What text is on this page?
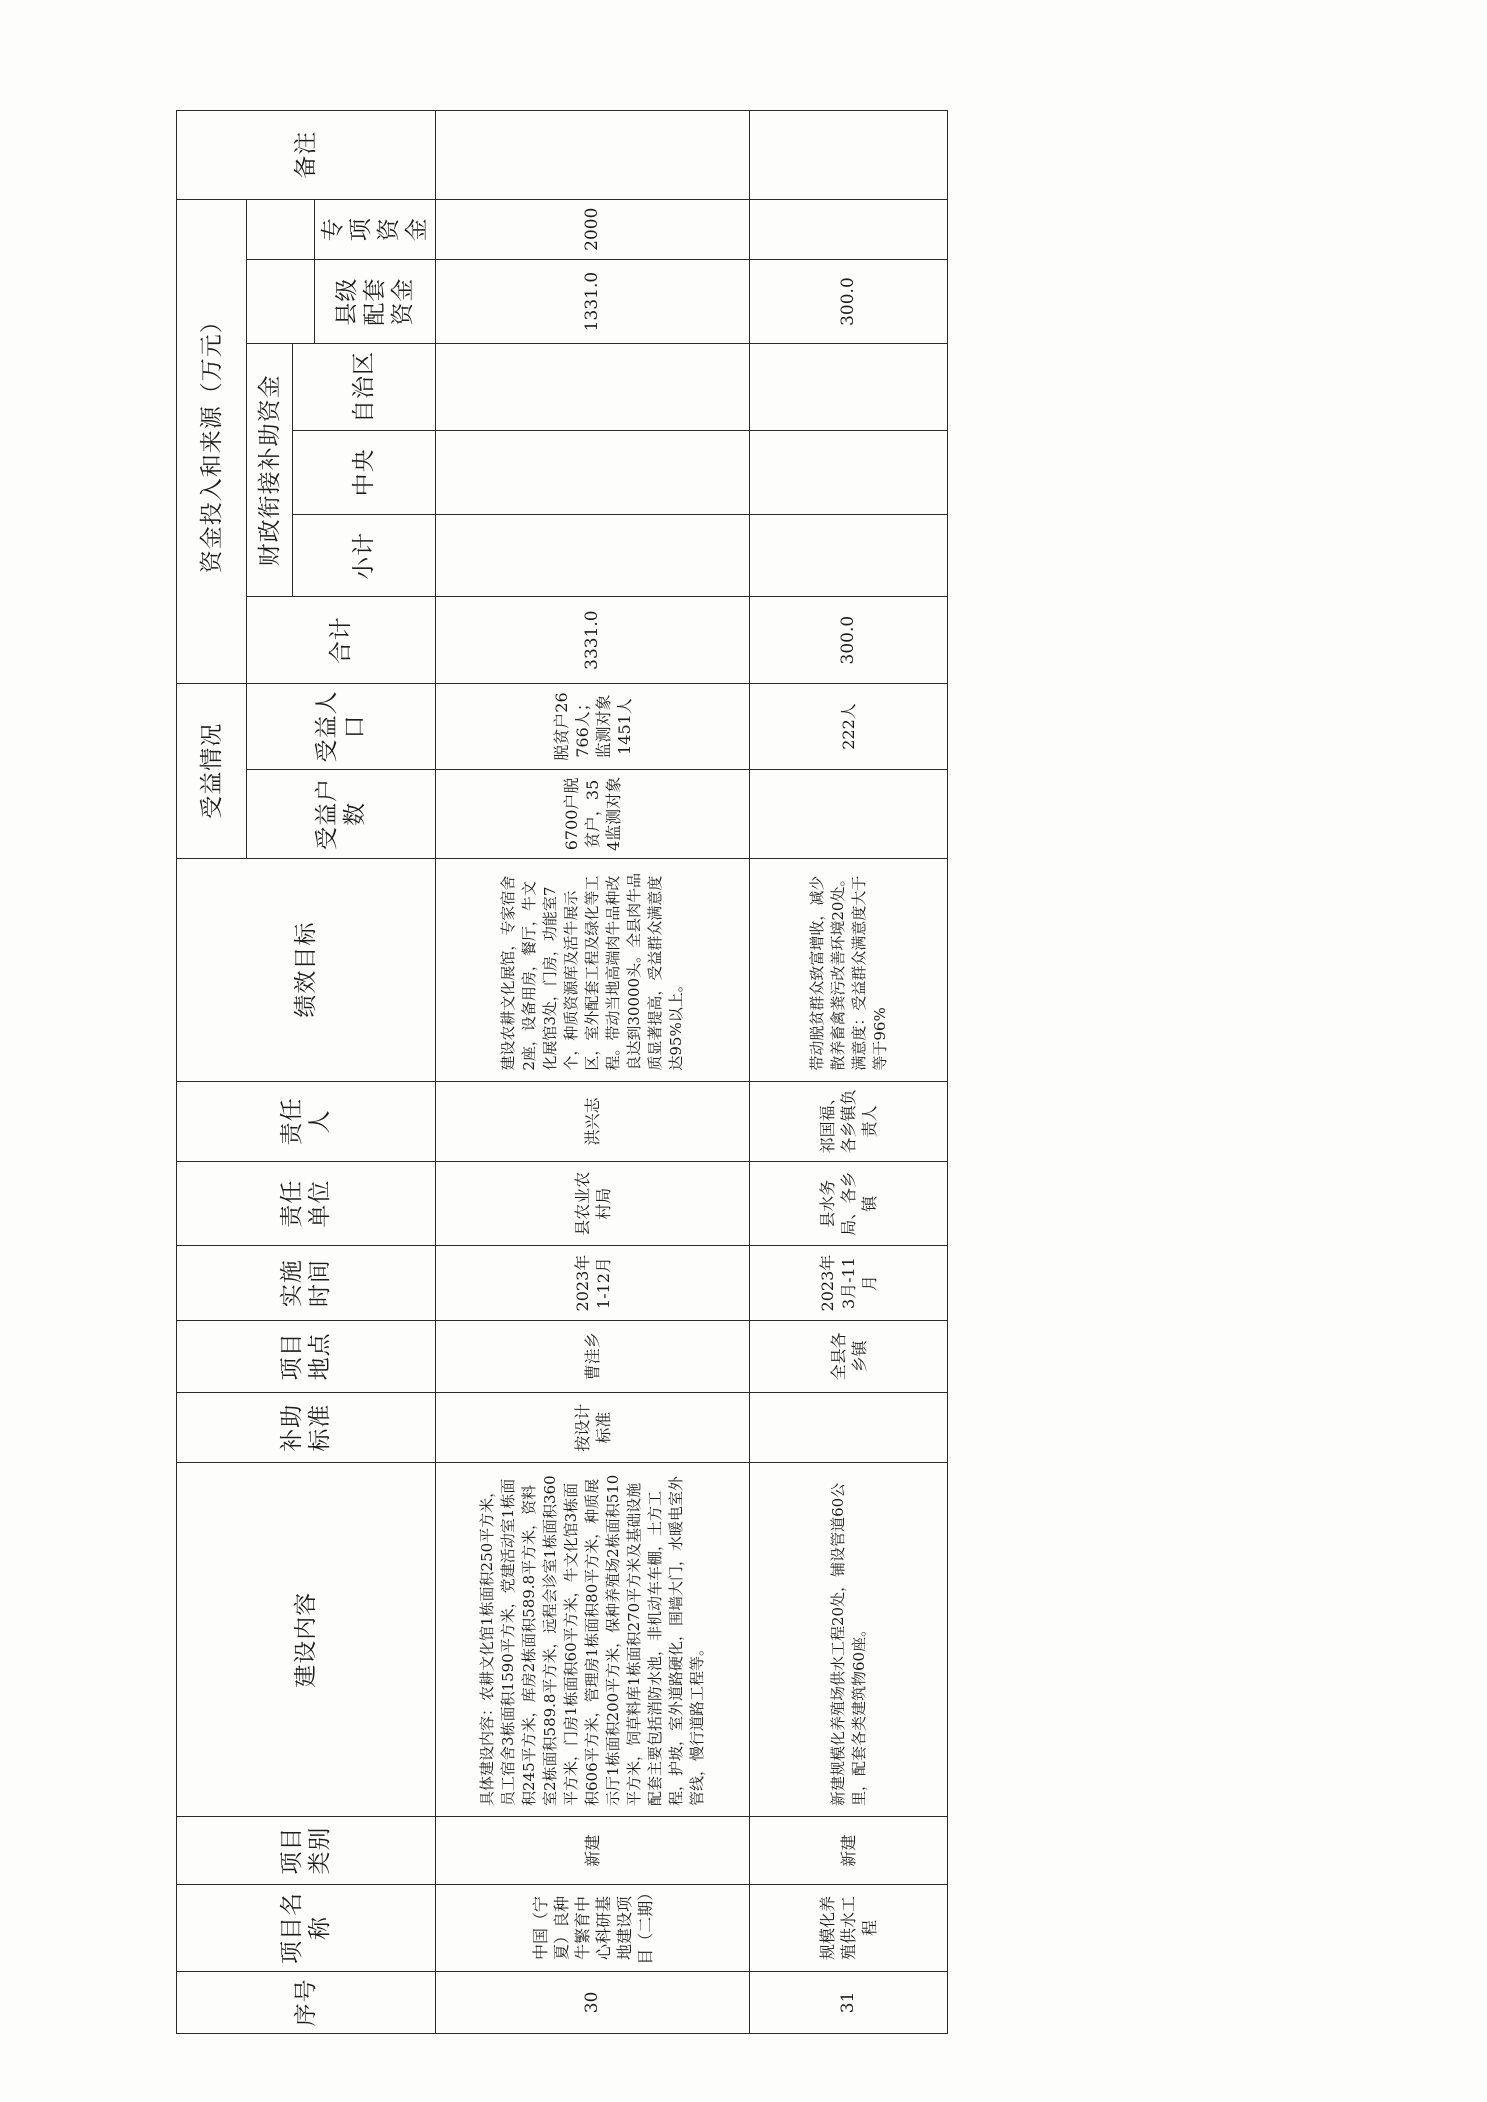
序号	项目名称	项目类别	建设内容	补助标准	项目地点	实施时间	责任单位	责任人	绩效目标	受益情况		资金投入和来源（万元）						备注
										受益户数	受益人口	合计	财政衔接补助资金					
													小计	中央	自治区			
																县级配套资金	专项资金	
30	中国（宁夏）良种牛繁育中心科研基地建设项目（二期）	新建	具体建设内容：农耕文化馆1栋面积250平方米，员工宿舍3栋面积1590平方米，党建活动室1栋面积245平方米，库房2栋面积589.8平方米，资料室2栋面积589.8平方米，远程会诊室1栋面积360平方米，门房1栋面积60平方米，牛文化馆3栋面积606平方米，管理房1栋面积80平方米，种质展示厅1栋面积200平方米，保种养殖场2栋面积510平方米，饲草料库1栋面积270平方米及基础设施配套主要包括消防水池，非机动车车棚，土方工程，护坡，室外道路硬化，围墙大门，水暖电室外管线，慢行道路工程等。	按设计标准	曹洼乡	2023年1-12月	县农业农村局	洪兴志	建设农耕文化展馆，专家宿舍2座，设备用房，餐厅，牛文化展馆3处，门房，功能室7个，种质资源库及活牛展示区，室外配套工程及绿化等工程。带动当地高端肉牛品种改良达到30000头。全县肉牛品质显著提高，受益群众满意度达95%以上。	6700户脱贫户，354监测对象	脱贫户26766人；监测对象1451人	3331.0				1331.0	2000	
31	规模化养殖供水工程	新建	新建规模化养殖场供水工程20处，铺设管道60公里，配套各类建筑物60座。		全县各乡镇	2023年3月-11月	县水务局、各乡镇	祁国福、各乡镇负责人	带动脱贫群众致富增收，减少散养畜禽粪污改善环境20处。满意度：受益群众满意度大于等于96%		222人	300.0				300.0		
